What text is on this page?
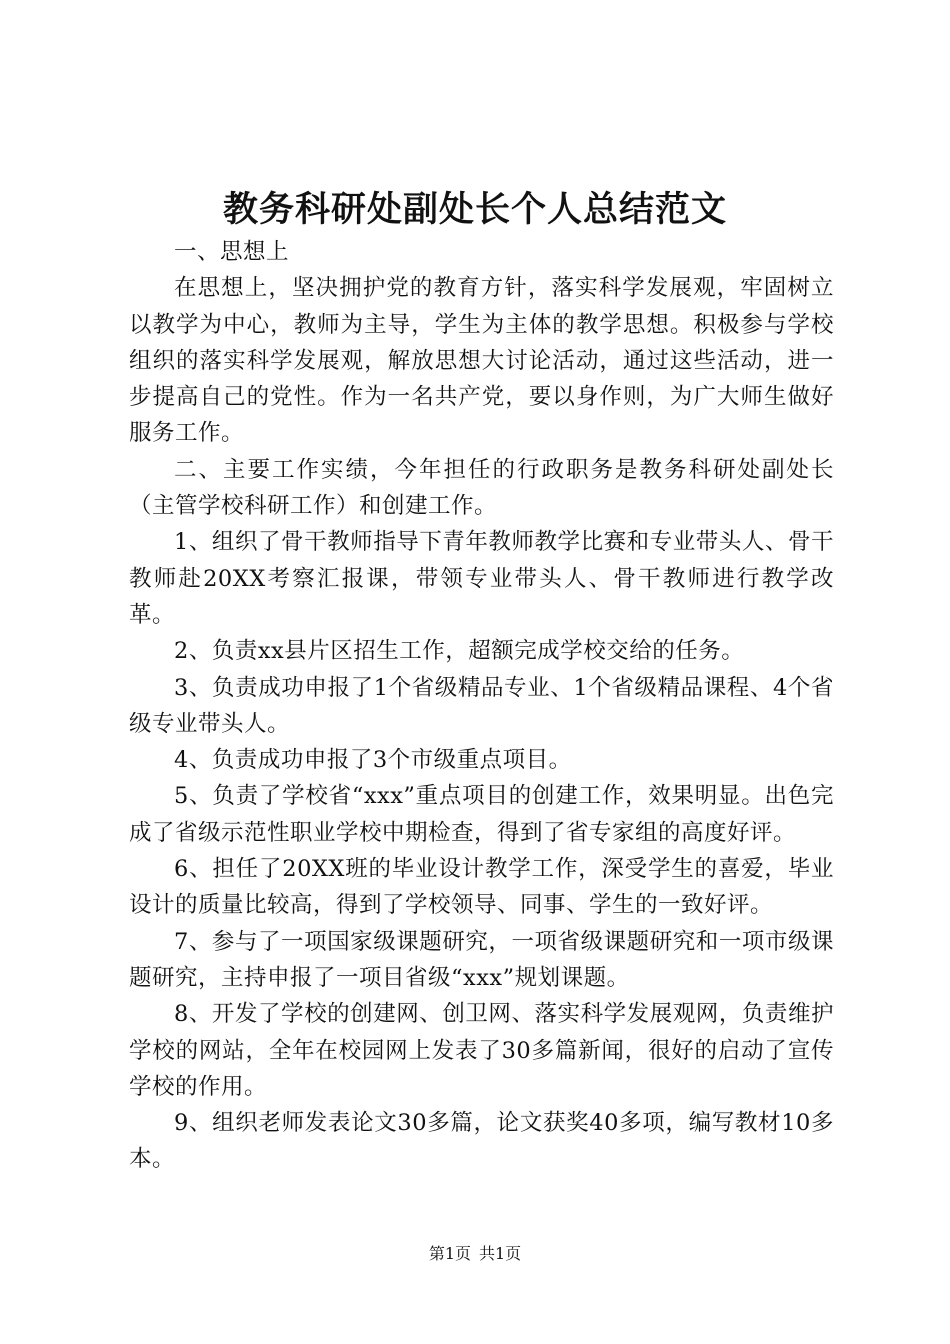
教务科研处副处长个人总结范文

一、思想上

在思想上，坚决拥护党的教育方针，落实科学发展观，牢固树立以教学为中心，教师为主导，学生为主体的教学思想。积极参与学校组织的落实科学发展观，解放思想大讨论活动，通过这些活动，进一步提高自己的党性。作为一名共产党，要以身作则，为广大师生做好服务工作。

二、主要工作实绩，今年担任的行政职务是教务科研处副处长（主管学校科研工作）和创建工作。

1、组织了骨干教师指导下青年教师教学比赛和专业带头人、骨干教师赴20XX考察汇报课，带领专业带头人、骨干教师进行教学改革。

2、负责xx县片区招生工作，超额完成学校交给的任务。

3、负责成功申报了1个省级精品专业、1个省级精品课程、4个省级专业带头人。

4、负责成功申报了3个市级重点项目。

5、负责了学校省“xxx”重点项目的创建工作，效果明显。出色完成了省级示范性职业学校中期检查，得到了省专家组的高度好评。

6、担任了20XX班的毕业设计教学工作，深受学生的喜爱，毕业设计的质量比较高，得到了学校领导、同事、学生的一致好评。

7、参与了一项国家级课题研究，一项省级课题研究和一项市级课题研究，主持申报了一项目省级“xxx”规划课题。

8、开发了学校的创建网、创卫网、落实科学发展观网，负责维护学校的网站，全年在校园网上发表了30多篇新闻，很好的启动了宣传学校的作用。

9、组织老师发表论文30多篇，论文获奖40多项，编写教材10多本。

第1页 共1页
